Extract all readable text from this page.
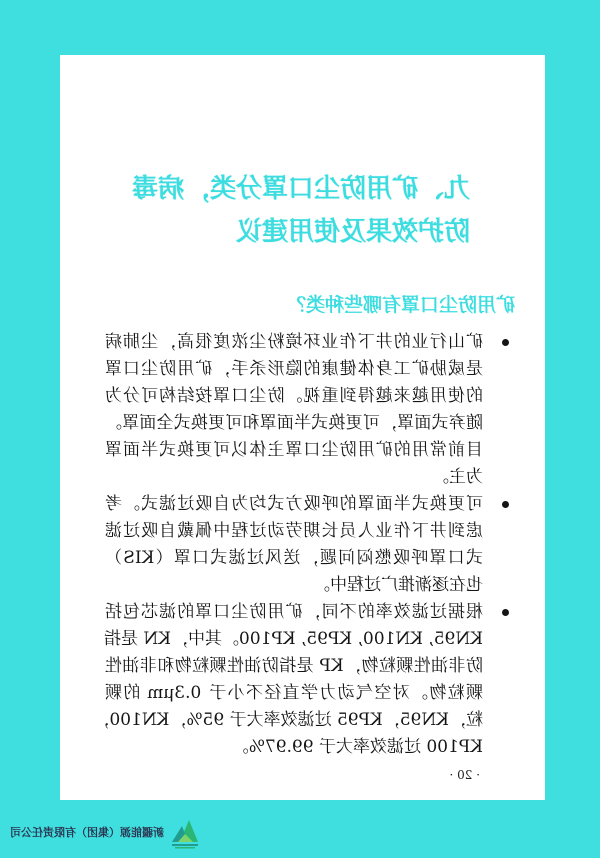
九、矿用防尘口罩分类，病毒
防护效果及使用建议
矿用防尘口罩有哪些种类？
矿山行业的井下作业环境粉尘浓度很高，尘肺病
是威胁矿工身体健康的隐形杀手，矿用防尘口罩
的使用越来越得到重视。防尘口罩按结构可分为
随弃式面罩，可更换式半面罩和可更换式全面罩。
目前常用的矿用防尘口罩主体以可更换式半面罩
为主。
可更换式半面罩的呼吸方式均为自吸过滤式。考
虑到井下作业人员长期劳动过程中佩戴自吸过滤
式口罩呼吸憋闷问题，送风过滤式口罩（KIS）
也在逐渐推广过程中。
根据过滤效率的不同，矿用防尘口罩的滤芯包括
KN95, KN100, KP95, KP100。其中，KN 是指
防非油性颗粒物，KP 是指防油性颗粒物和非油性
颗粒物。对空气动力学直径不小于 0.3μm 的颗
粒，KN95，KP95 过滤效率大于 95%，KN100，
KP100 过滤效率大于 99.97%。
· 20 ·
新疆能源（集团）有限责任公司
